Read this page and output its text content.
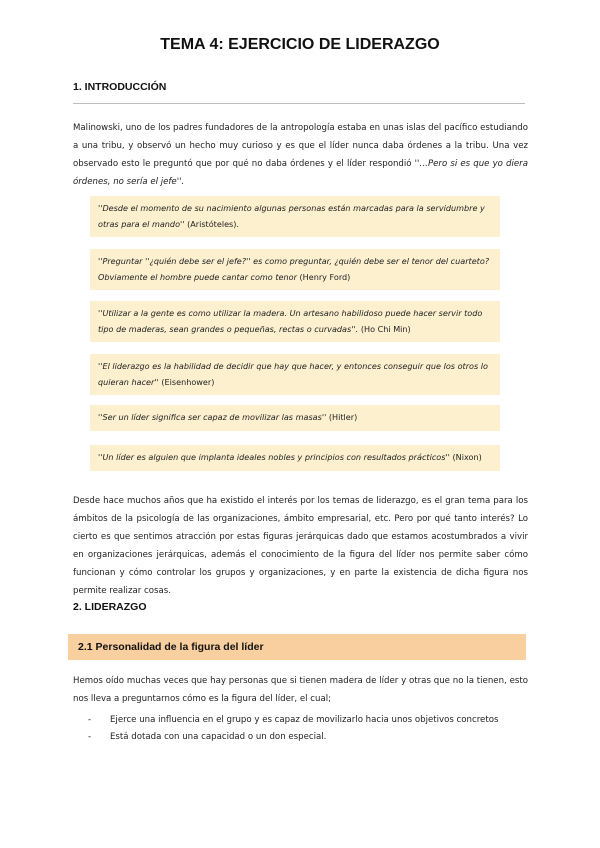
TEMA 4: EJERCICIO DE LIDERAZGO
1. INTRODUCCIÓN

Malinowski, uno de los padres fundadores de la antropología estaba en unas islas del pacífico estudiando a una tribu, y observó un hecho muy curioso y es que el líder nunca daba órdenes a la tribu. Una vez observado esto le preguntó que por qué no daba órdenes y el líder respondió ''…Pero si es que yo diera órdenes, no sería el jefe''.

''Desde el momento de su nacimiento algunas personas están marcadas para la servidumbre y otras para el mando'' (Aristóteles).
''Preguntar ''¿quién debe ser el jefe?'' es como preguntar, ¿quién debe ser el tenor del cuarteto? Obviamente el hombre puede cantar como tenor (Henry Ford)
''Utilizar a la gente es como utilizar la madera. Un artesano habilidoso puede hacer servir todo tipo de maderas, sean grandes o pequeñas, rectas o curvadas''. (Ho Chi Min)
''El liderazgo es la habilidad de decidir que hay que hacer, y entonces conseguir que los otros lo quieran hacer'' (Eisenhower)
''Ser un líder significa ser capaz de movilizar las masas'' (Hitler)
''Un líder es alguien que implanta ideales nobles y principios con resultados prácticos'' (Nixon)

Desde hace muchos años que ha existido el interés por los temas de liderazgo, es el gran tema para los ámbitos de la psicología de las organizaciones, ámbito empresarial, etc. Pero por qué tanto interés? Lo cierto es que sentimos atracción por estas figuras jerárquicas dado que estamos acostumbrados a vivir en organizaciones jerárquicas, además el conocimiento de la figura del líder nos permite saber cómo funcionan y cómo controlar los grupos y organizaciones, y en parte la existencia de dicha figura nos permite realizar cosas.

2. LIDERAZGO
2.1 Personalidad de la figura del líder

Hemos oído muchas veces que hay personas que si tienen madera de líder y otras que no la tienen, esto nos lleva a preguntarnos cómo es la figura del líder, el cual;

- Ejerce una influencia en el grupo y es capaz de movilizarlo hacia unos objetivos concretos
- Está dotada con una capacidad o un don especial.
